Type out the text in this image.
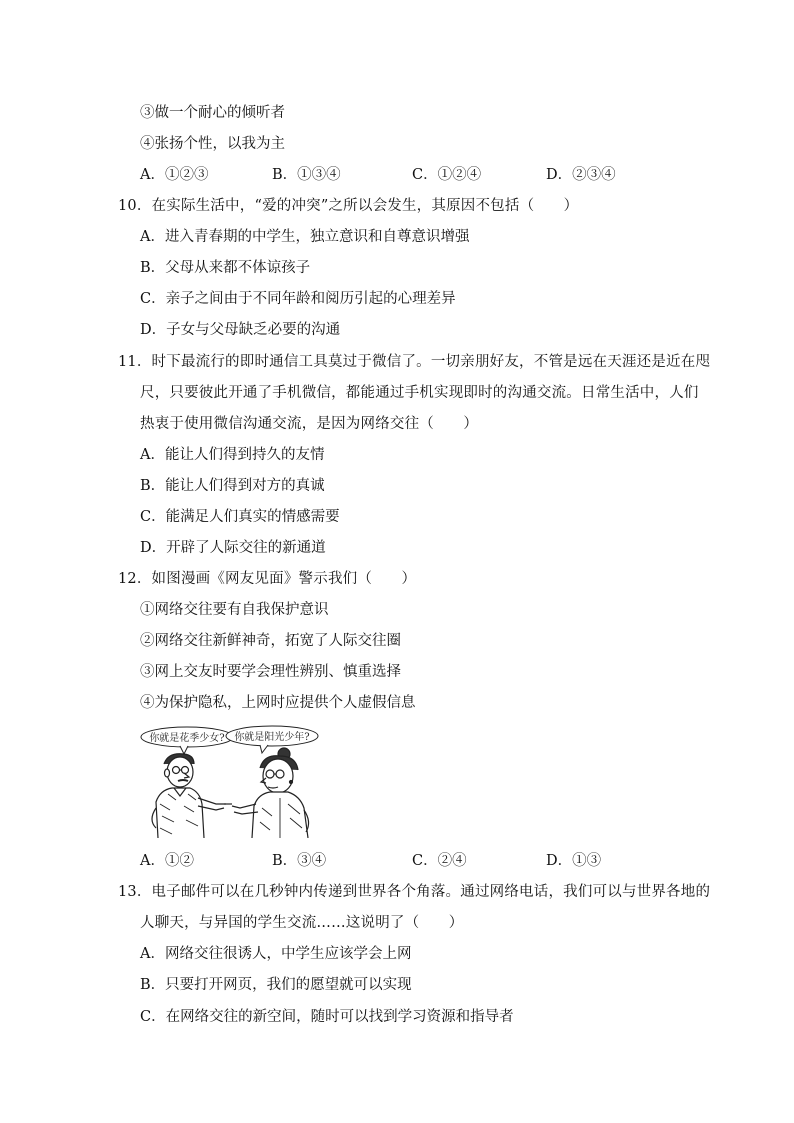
③做一个耐心的倾听者
④张扬个性，以我为主
A．①②③	B．①③④	C．①②④	D．②③④
10．在实际生活中，“爱的冲突”之所以会发生，其原因不包括（　　）
A．进入青春期的中学生，独立意识和自尊意识增强
B．父母从来都不体谅孩子
C．亲子之间由于不同年龄和阅历引起的心理差异
D．子女与父母缺乏必要的沟通
11．时下最流行的即时通信工具莫过于微信了。一切亲朋好友，不管是远在天涯还是近在咫
尺，只要彼此开通了手机微信，都能通过手机实现即时的沟通交流。日常生活中，人们
热衷于使用微信沟通交流，是因为网络交往（　　）
A．能让人们得到持久的友情
B．能让人们得到对方的真诚
C．能满足人们真实的情感需要
D．开辟了人际交往的新通道
12．如图漫画《网友见面》警示我们（　　）
①网络交往要有自我保护意识
②网络交往新鲜神奇，拓宽了人际交往圈
③网上交友时要学会理性辨别、慎重选择
④为保护隐私，上网时应提供个人虚假信息
你就是花季少女? 你就是阳光少年?
A．①②	B．③④	C．②④	D．①③
13．电子邮件可以在几秒钟内传递到世界各个角落。通过网络电话，我们可以与世界各地的
人聊天，与异国的学生交流……这说明了（　　）
A．网络交往很诱人，中学生应该学会上网
B．只要打开网页，我们的愿望就可以实现
C．在网络交往的新空间，随时可以找到学习资源和指导者
